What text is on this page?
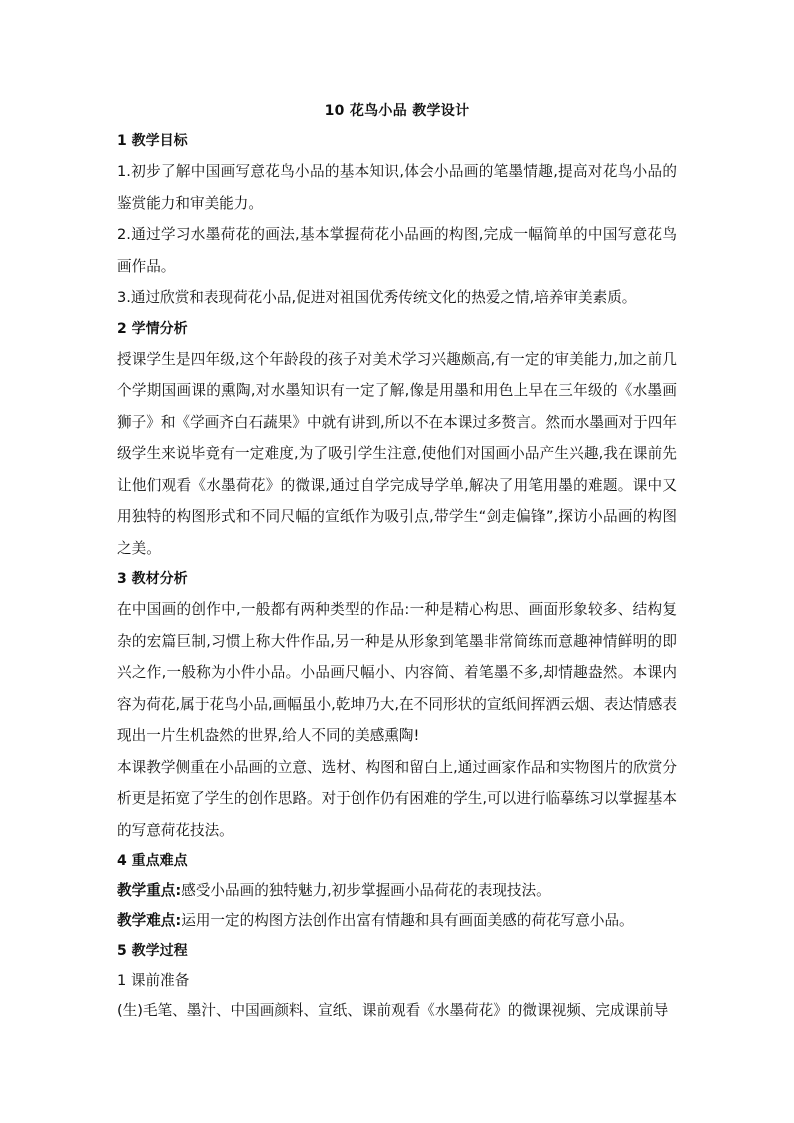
10 花鸟小品 教学设计
1 教学目标

1.初步了解中国画写意花鸟小品的基本知识,体会小品画的笔墨情趣,提高对花鸟小品的鉴赏能力和审美能力。

2.通过学习水墨荷花的画法,基本掌握荷花小品画的构图,完成一幅简单的中国写意花鸟画作品。

3.通过欣赏和表现荷花小品,促进对祖国优秀传统文化的热爱之情,培养审美素质。

2 学情分析

授课学生是四年级,这个年龄段的孩子对美术学习兴趣颇高,有一定的审美能力,加之前几个学期国画课的熏陶,对水墨知识有一定了解,像是用墨和用色上早在三年级的《水墨画狮子》和《学画齐白石蔬果》中就有讲到,所以不在本课过多赘言。然而水墨画对于四年级学生来说毕竟有一定难度,为了吸引学生注意,使他们对国画小品产生兴趣,我在课前先让他们观看《水墨荷花》的微课,通过自学完成导学单,解决了用笔用墨的难题。课中又用独特的构图形式和不同尺幅的宣纸作为吸引点,带学生“剑走偏锋”,探访小品画的构图之美。

3 教材分析

在中国画的创作中,一般都有两种类型的作品:一种是精心构思、画面形象较多、结构复杂的宏篇巨制,习惯上称大件作品,另一种是从形象到笔墨非常简练而意趣神情鲜明的即兴之作,一般称为小件小品。小品画尺幅小、内容简、着笔墨不多,却情趣盎然。本课内容为荷花,属于花鸟小品,画幅虽小,乾坤乃大,在不同形状的宣纸间挥洒云烟、表达情感表现出一片生机盎然的世界,给人不同的美感熏陶!

本课教学侧重在小品画的立意、选材、构图和留白上,通过画家作品和实物图片的欣赏分析更是拓宽了学生的创作思路。对于创作仍有困难的学生,可以进行临摹练习以掌握基本的写意荷花技法。

4 重点难点

教学重点:感受小品画的独特魅力,初步掌握画小品荷花的表现技法。

教学难点:运用一定的构图方法创作出富有情趣和具有画面美感的荷花写意小品。

5 教学过程

1 课前准备

(生)毛笔、墨汁、中国画颜料、宣纸、课前观看《水墨荷花》的微课视频、完成课前导
